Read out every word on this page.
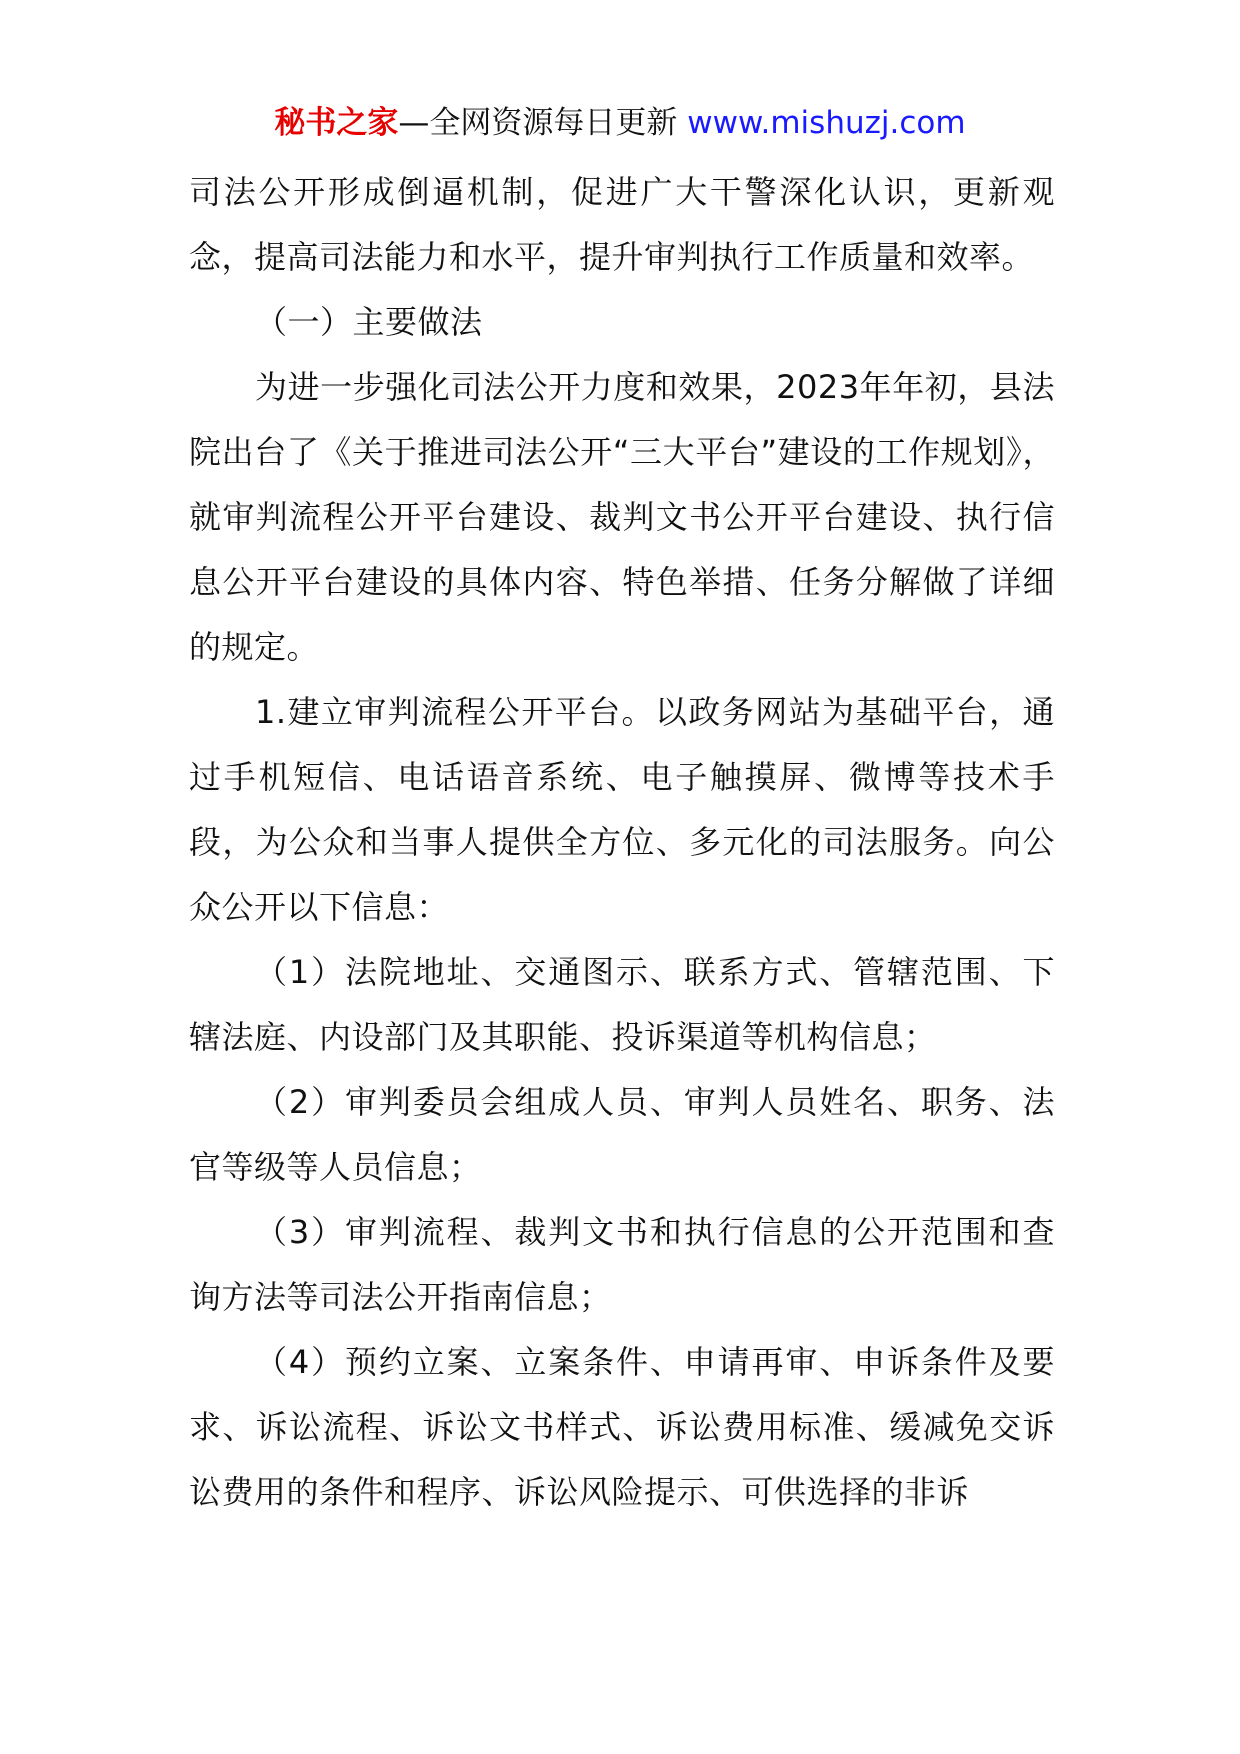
秘书之家—全网资源每日更新 www.mishuzj.com

司法公开形成倒逼机制，促进广大干警深化认识，更新观念，提高司法能力和水平，提升审判执行工作质量和效率。

（一）主要做法

为进一步强化司法公开力度和效果，2023年年初，县法院出台了《关于推进司法公开“三大平台”建设的工作规划》，就审判流程公开平台建设、裁判文书公开平台建设、执行信息公开平台建设的具体内容、特色举措、任务分解做了详细的规定。

1.建立审判流程公开平台。以政务网站为基础平台，通过手机短信、电话语音系统、电子触摸屏、微博等技术手段，为公众和当事人提供全方位、多元化的司法服务。向公众公开以下信息：

（1）法院地址、交通图示、联系方式、管辖范围、下辖法庭、内设部门及其职能、投诉渠道等机构信息；

（2）审判委员会组成人员、审判人员姓名、职务、法官等级等人员信息；

（3）审判流程、裁判文书和执行信息的公开范围和查询方法等司法公开指南信息；

（4）预约立案、立案条件、申请再审、申诉条件及要求、诉讼流程、诉讼文书样式、诉讼费用标准、缓减免交诉讼费用的条件和程序、诉讼风险提示、可供选择的非诉
